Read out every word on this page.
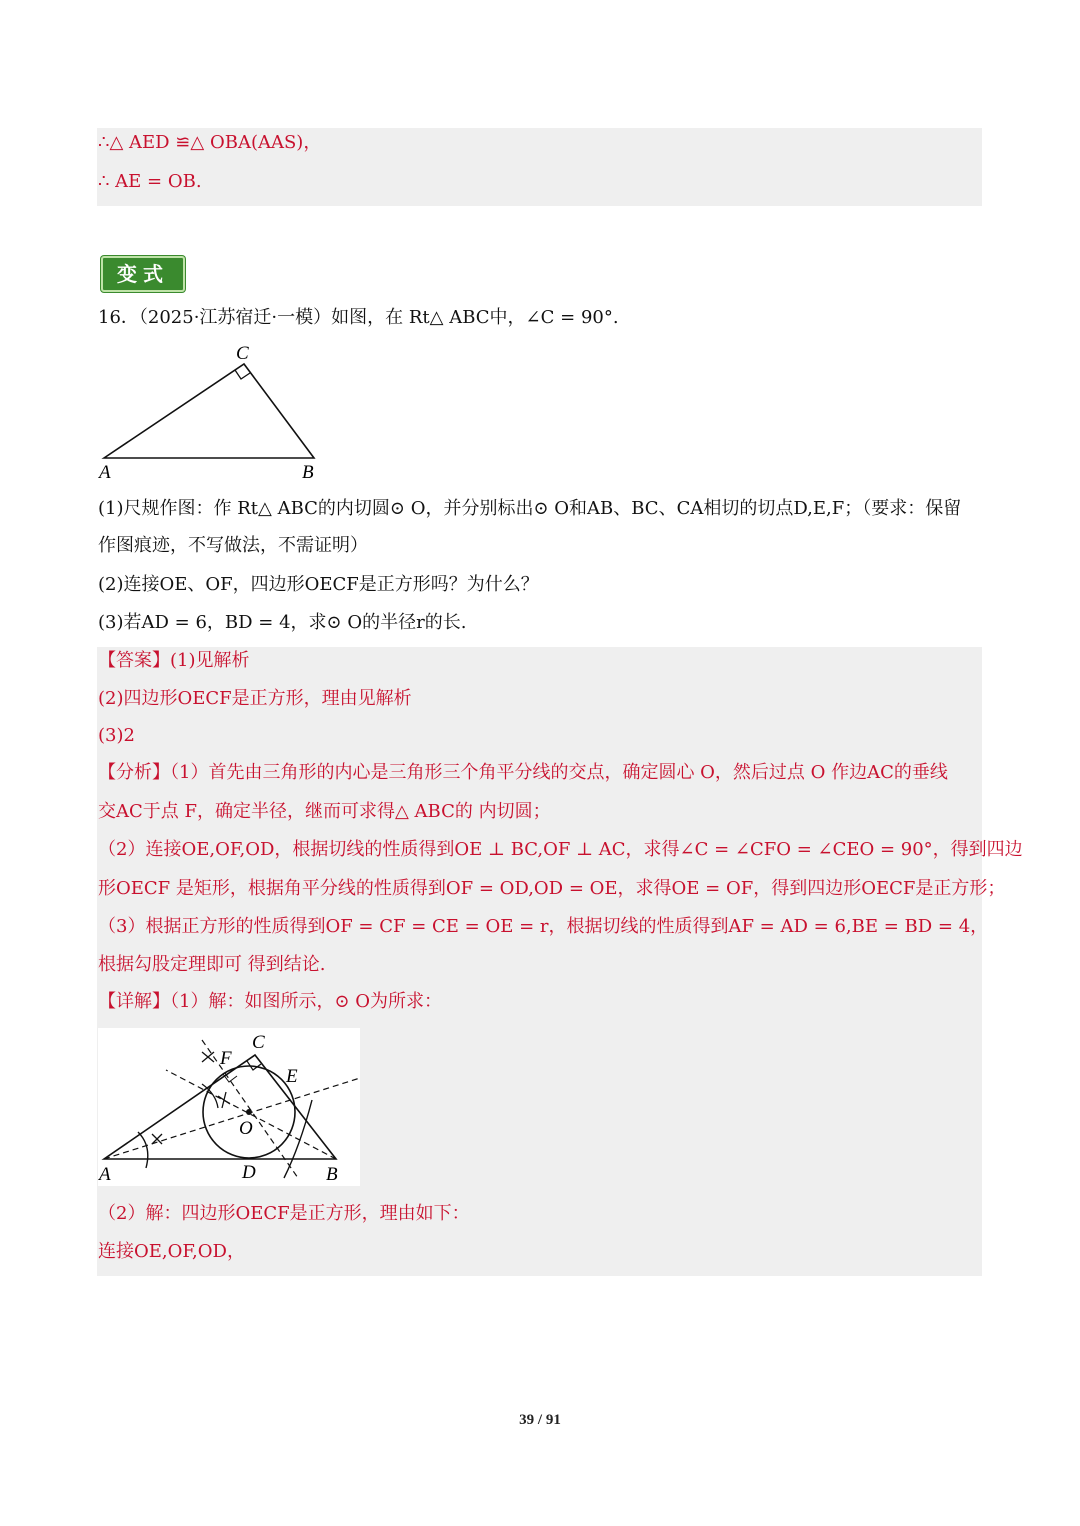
∴△ AED ≌△ OBA(AAS)，
∴ AE = OB.
变式
16．（2025·江苏宿迁·一模）如图，在 Rt△ ABC中，∠C = 90°.
A	B
C
(1)尺规作图：作 Rt△ ABC的内切圆⊙ O，并分别标出⊙ O和AB、BC、CA相切的切点D,E,F；（要求：保留
作图痕迹，不写做法，不需证明）
(2)连接OE、OF，四边形OECF是正方形吗？为什么？
(3)若AD = 6，BD = 4，求⊙ O的半径r的长.
【答案】(1)见解析
(2)四边形OECF是正方形，理由见解析
(3)2
【分析】（1）首先由三角形的内心是三角形三个角平分线的交点，确定圆心 O，然后过点 O 作边AC的垂线
交AC于点 F，确定半径，继而可求得△ ABC的 内切圆；
（2）连接OE,OF,OD，根据切线的性质得到OE ⊥ BC,OF ⊥ AC，求得∠C = ∠CFO = ∠CEO = 90°，得到四边
形OECF 是矩形，根据角平分线的性质得到OF = OD,OD = OE，求得OE = OF，得到四边形OECF是正方形；
（3）根据正方形的性质得到OF = CF = CE = OE = r，根据切线的性质得到AF = AD = 6,BE = BD = 4，
根据勾股定理即可 得到结论.
【详解】（1）解：如图所示，⊙ O为所求：
A	B
C
D
E
F
O
（2）解：四边形OECF是正方形，理由如下：
连接OE,OF,OD，
39 / 91
